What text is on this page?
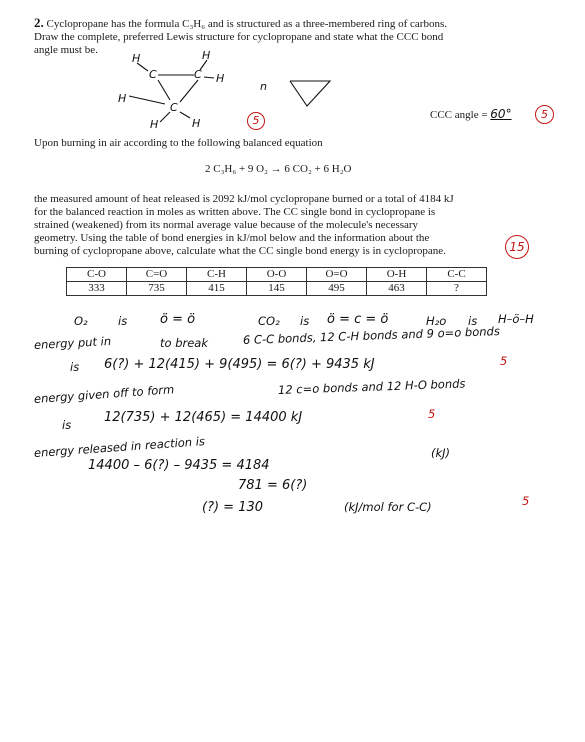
2. Cyclopropane has the formula C₃H₆ and is structured as a three-membered ring of carbons.
Draw the complete, preferred Lewis structure for cyclopropane and state what the CCC bond
angle must be.
H	H
C	C H
H
C
H	H
n
5	CCC angle = 60°	5
Upon burning in air according to the following balanced equation
2 C₃H₆ + 9 O₂ → 6 CO₂ + 6 H₂O
the measured amount of heat released is 2092 kJ/mol cyclopropane burned or a total of 4184 kJ
for the balanced reaction in moles as written above. The CC single bond in cyclopropane is
strained (weakened) from its normal average value because of the molecule's necessary
geometry. Using the table of bond energies in kJ/mol below and the information about the
burning of cyclopropane above, calculate what the CC single bond energy is in cyclopropane.	15
C-O	C=O	C-H	O-O	O=O	O-H	C-C
333	735	415	145	495	463	?
O₂	is	ö = ö	CO₂ is ö = c = ö	H₂o is H–ö–H
energy put in	to break	6 C-C bonds, 12 C-H bonds and 9 o=o bonds
is 6(?) + 12(415) + 9(495) = 6(?) + 9435 kJ	5
energy given off to form	12 c=o bonds and 12 H-O bonds
is	12(735) + 12(465) = 14400 kJ	5
energy released in reaction is	(kJ)
14400 – 6(?) – 9435 = 4184
781 = 6(?)
(?) = 130	(kJ/mol for C-C)	5
